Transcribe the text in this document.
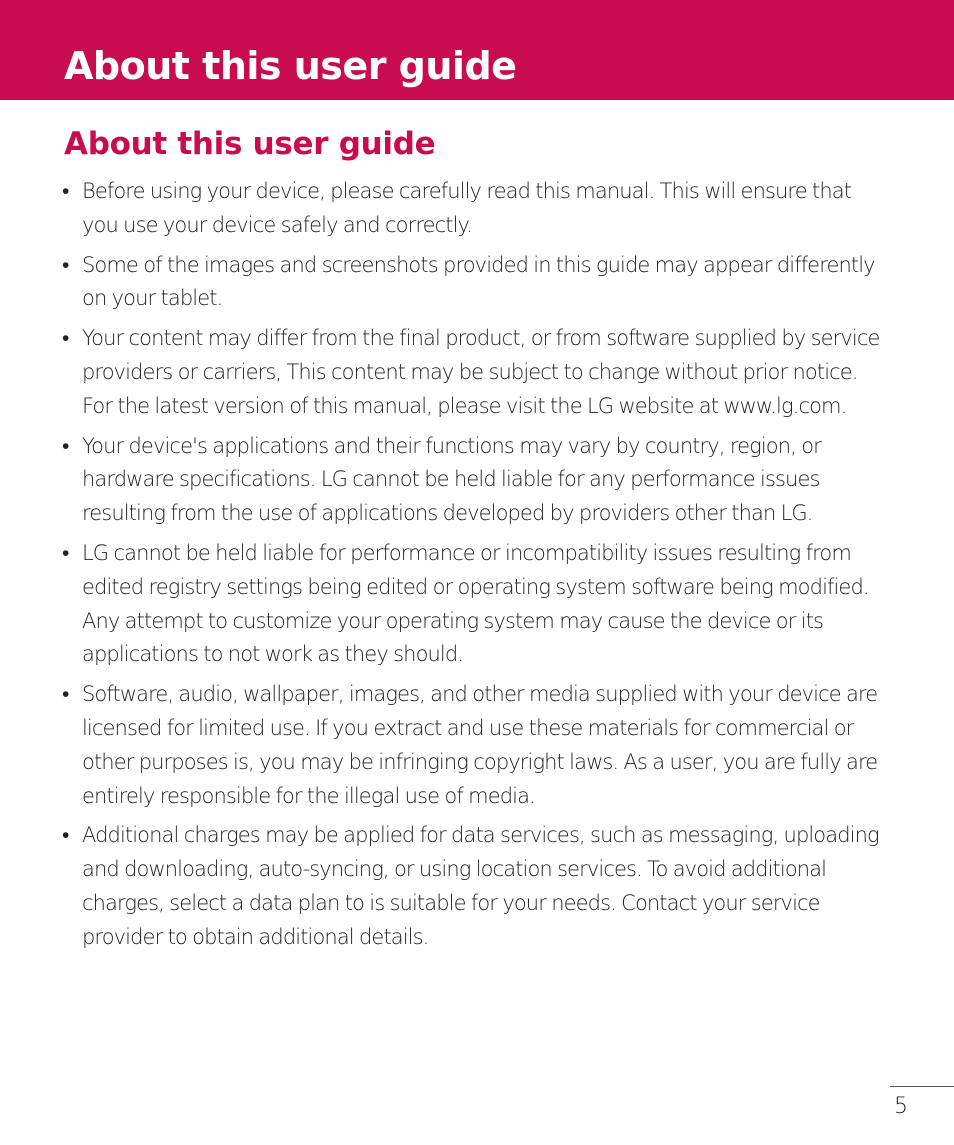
About this user guide
About this user guide
• Before using your device, please carefully read this manual. This will ensure that you use your device safely and correctly.
• Some of the images and screenshots provided in this guide may appear differently on your tablet.
• Your content may differ from the final product, or from software supplied by service providers or carriers, This content may be subject to change without prior notice. For the latest version of this manual, please visit the LG website at www.lg.com.
• Your device's applications and their functions may vary by country, region, or hardware specifications. LG cannot be held liable for any performance issues resulting from the use of applications developed by providers other than LG.
• LG cannot be held liable for performance or incompatibility issues resulting from edited registry settings being edited or operating system software being modified. Any attempt to customize your operating system may cause the device or its applications to not work as they should.
• Software, audio, wallpaper, images, and other media supplied with your device are licensed for limited use. If you extract and use these materials for commercial or other purposes is, you may be infringing copyright laws. As a user, you are fully are entirely responsible for the illegal use of media.
• Additional charges may be applied for data services, such as messaging, uploading and downloading, auto-syncing, or using location services. To avoid additional charges, select a data plan to is suitable for your needs. Contact your service provider to obtain additional details.

5
